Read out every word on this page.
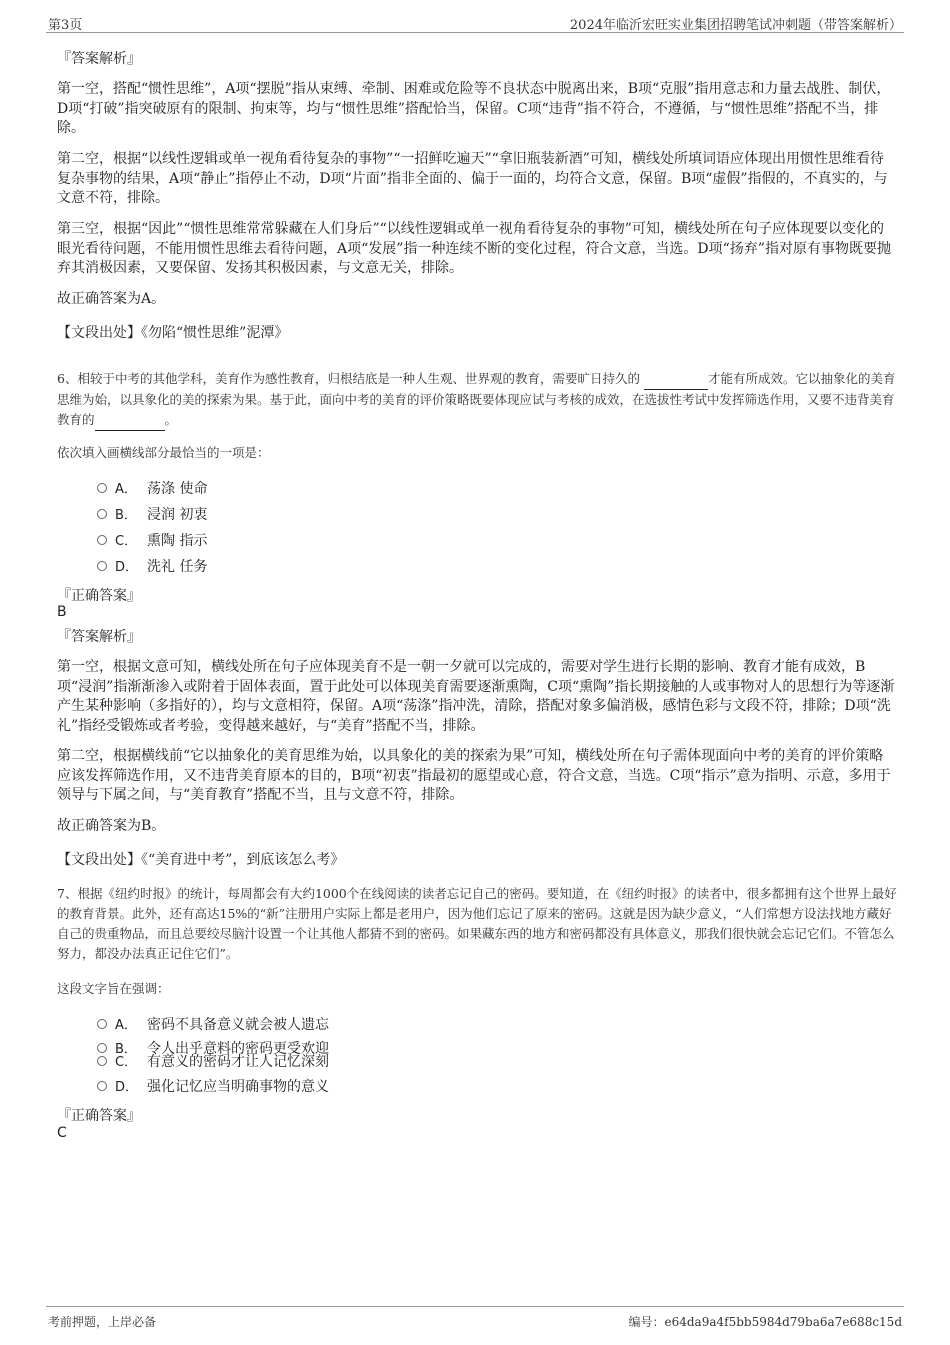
第3页	2024年临沂宏旺实业集团招聘笔试冲刺题（带答案解析）
『答案解析』
第一空，搭配“惯性思维”，A项“摆脱”指从束缚、牵制、困难或危险等不良状态中脱离出来，B项“克服”指用意志和力量去战胜、制伏，D项“打破”指突破原有的限制、拘束等，均与“惯性思维”搭配恰当，保留。C项“违背”指不符合，不遵循，与“惯性思维”搭配不当，排除。
第二空，根据“以线性逻辑或单一视角看待复杂的事物”“一招鲜吃遍天”“拿旧瓶装新酒”可知，横线处所填词语应体现出用惯性思维看待复杂事物的结果，A项“静止”指停止不动，D项“片面”指非全面的、偏于一面的，均符合文意，保留。B项“虚假”指假的，不真实的，与文意不符，排除。
第三空，根据“因此”“惯性思维常常躲藏在人们身后”“以线性逻辑或单一视角看待复杂的事物”可知，横线处所在句子应体现要以变化的眼光看待问题，不能用惯性思维去看待问题，A项“发展”指一种连续不断的变化过程，符合文意，当选。D项“扬弃”指对原有事物既要抛弃其消极因素，又要保留、发扬其积极因素，与文意无关，排除。
故正确答案为A。
【文段出处】《勿陷“惯性思维”泥潭》
6、相较于中考的其他学科，美育作为感性教育，归根结底是一种人生观、世界观的教育，需要旷日持久的	才能有所成效。它以抽象化的美育思维为始，以具象化的美的探索为果。基于此，面向中考的美育的评价策略既要体现应试与考核的成效，在选拔性考试中发挥筛选作用，又要不违背美育教育的	。
依次填入画横线部分最恰当的一项是：
A． 荡涤 使命
B． 浸润 初衷
C． 熏陶 指示
D． 洗礼 任务
『正确答案』
B
『答案解析』
第一空，根据文意可知，横线处所在句子应体现美育不是一朝一夕就可以完成的，需要对学生进行长期的影响、教育才能有成效，B项“浸润”指渐渐渗入或附着于固体表面，置于此处可以体现美育需要逐渐熏陶，C项“熏陶”指长期接触的人或事物对人的思想行为等逐渐产生某种影响（多指好的），均与文意相符，保留。A项“荡涤”指冲洗，清除，搭配对象多偏消极，感情色彩与文段不符，排除；D项“洗礼”指经受锻炼或者考验，变得越来越好，与“美育”搭配不当，排除。
第二空，根据横线前“它以抽象化的美育思维为始，以具象化的美的探索为果”可知，横线处所在句子需体现面向中考的美育的评价策略应该发挥筛选作用，又不违背美育原本的目的，B项“初衷”指最初的愿望或心意，符合文意，当选。C项“指示”意为指明、示意，多用于领导与下属之间，与“美育教育”搭配不当，且与文意不符，排除。
故正确答案为B。
【文段出处】《“美育进中考”，到底该怎么考》
7、根据《纽约时报》的统计，每周都会有大约1000个在线阅读的读者忘记自己的密码。要知道，在《纽约时报》的读者中，很多都拥有这个世界上最好的教育背景。此外，还有高达15%的“新”注册用户实际上都是老用户，因为他们忘记了原来的密码。这就是因为缺少意义，“人们常想方设法找地方藏好自己的贵重物品，而且总要绞尽脑汁设置一个让其他人都猜不到的密码。如果藏东西的地方和密码都没有具体意义，那我们很快就会忘记它们。不管怎么努力，都没办法真正记住它们”。
这段文字旨在强调：
A． 密码不具备意义就会被人遗忘
B． 令人出乎意料的密码更受欢迎
C． 有意义的密码才让人记忆深刻
D． 强化记忆应当明确事物的意义
『正确答案』
C
考前押题，上岸必备	编号：e64da9a4f5bb5984d79ba6a7e688c15d
